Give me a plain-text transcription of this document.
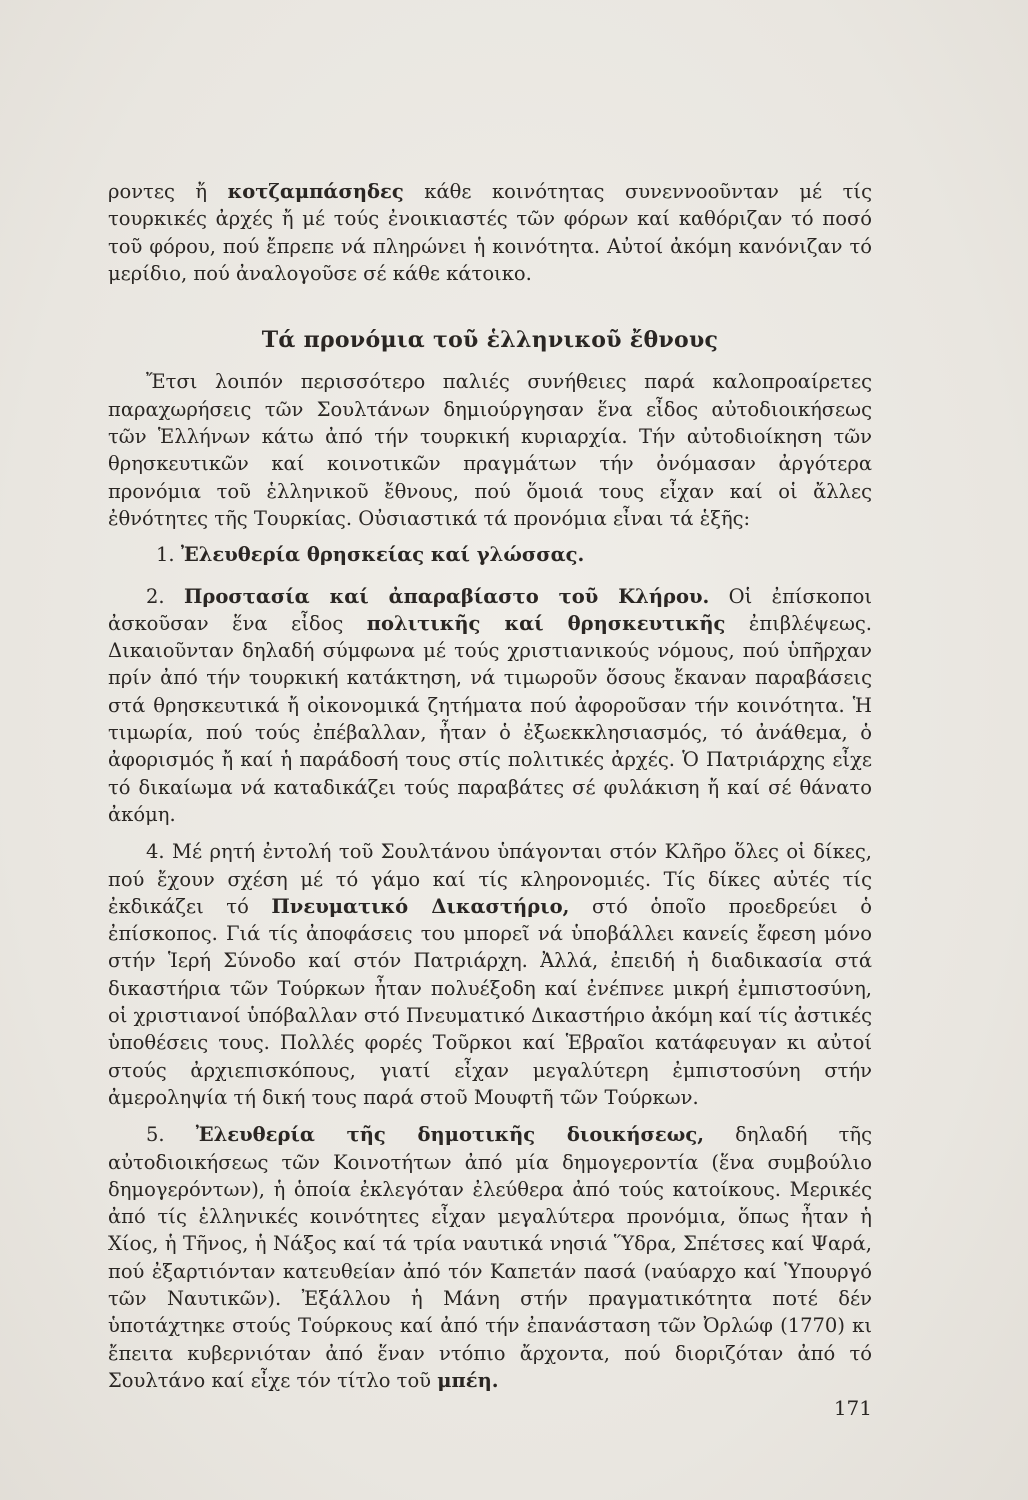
ροντες ἤ κοτζαμπάσηδες κάθε κοινότητας συνεννοοῦνταν μέ τίς τουρκικές ἀρχές ἤ μέ τούς ἐνοικιαστές τῶν φόρων καί καθόριζαν τό ποσό τοῦ φόρου, πού ἔπρεπε νά πληρώνει ἡ κοινότητα. Αὐτοί ἀκόμη κανόνιζαν τό μερίδιο, πού ἀναλογοῦσε σέ κάθε κάτοικο.

Τά προνόμια τοῦ ἑλληνικοῦ ἔθνους

Ἔτσι λοιπόν περισσότερο παλιές συνήθειες παρά καλοπροαίρετες παραχωρήσεις τῶν Σουλτάνων δημιούργησαν ἕνα εἶδος αὐτοδιοικήσεως τῶν Ἑλλήνων κάτω ἀπό τήν τουρκική κυριαρχία. Τήν αὐτοδιοίκηση τῶν θρησκευτικῶν καί κοινοτικῶν πραγμάτων τήν ὀνόμασαν ἀργότερα προνόμια τοῦ ἑλληνικοῦ ἔθνους, πού ὅμοιά τους εἶχαν καί οἱ ἄλλες ἐθνότητες τῆς Τουρκίας. Οὐσιαστικά τά προνόμια εἶναι τά ἑξῆς:

1. Ἐλευθερία θρησκείας καί γλώσσας.

2. Προστασία καί ἀπαραβίαστο τοῦ Κλήρου. Οἱ ἐπίσκοποι ἀσκοῦσαν ἕνα εἶδος πολιτικῆς καί θρησκευτικῆς ἐπιβλέψεως. Δικαιοῦνταν δηλαδή σύμφωνα μέ τούς χριστιανικούς νόμους, πού ὑπῆρχαν πρίν ἀπό τήν τουρκική κατάκτηση, νά τιμωροῦν ὅσους ἔκαναν παραβάσεις στά θρησκευτικά ἤ οἰκονομικά ζητήματα πού ἀφοροῦσαν τήν κοινότητα. Ἡ τιμωρία, πού τούς ἐπέβαλλαν, ἦταν ὁ ἐξωεκκλησιασμός, τό ἀνάθεμα, ὁ ἀφορισμός ἤ καί ἡ παράδοσή τους στίς πολιτικές ἀρχές. Ὁ Πατριάρχης εἶχε τό δικαίωμα νά καταδικάζει τούς παραβάτες σέ φυλάκιση ἤ καί σέ θάνατο ἀκόμη.

4. Μέ ρητή ἐντολή τοῦ Σουλτάνου ὑπάγονται στόν Κλῆρο ὅλες οἱ δίκες, πού ἔχουν σχέση μέ τό γάμο καί τίς κληρονομιές. Τίς δίκες αὐτές τίς ἐκδικάζει τό Πνευματικό Δικαστήριο, στό ὁποῖο προεδρεύει ὁ ἐπίσκοπος. Γιά τίς ἀποφάσεις του μπορεῖ νά ὑποβάλλει κανείς ἔφεση μόνο στήν Ἱερή Σύνοδο καί στόν Πατριάρχη. Ἀλλά, ἐπειδή ἡ διαδικασία στά δικαστήρια τῶν Τούρκων ἦταν πολυέξοδη καί ἐνέπνεε μικρή ἐμπιστοσύνη, οἱ χριστιανοί ὑπόβαλλαν στό Πνευματικό Δικαστήριο ἀκόμη καί τίς ἀστικές ὑποθέσεις τους. Πολλές φορές Τοῦρκοι καί Ἑβραῖοι κατάφευγαν κι αὐτοί στούς ἀρχιεπισκόπους, γιατί εἶχαν μεγαλύτερη ἐμπιστοσύνη στήν ἀμεροληψία τή δική τους παρά στοῦ Μουφτῆ τῶν Τούρκων.

5. Ἐλευθερία τῆς δημοτικῆς διοικήσεως, δηλαδή τῆς αὐτοδιοικήσεως τῶν Κοινοτήτων ἀπό μία δημογεροντία (ἕνα συμβούλιο δημογερόντων), ἡ ὁποία ἐκλεγόταν ἐλεύθερα ἀπό τούς κατοίκους. Μερικές ἀπό τίς ἑλληνικές κοινότητες εἶχαν μεγαλύτερα προνόμια, ὅπως ἦταν ἡ Χίος, ἡ Τῆνος, ἡ Νάξος καί τά τρία ναυτικά νησιά Ὕδρα, Σπέτσες καί Ψαρά, πού ἐξαρτιόνταν κατευθείαν ἀπό τόν Καπετάν πασά (ναύαρχο καί Ὑπουργό τῶν Ναυτικῶν). Ἐξάλλου ἡ Μάνη στήν πραγματικότητα ποτέ δέν ὑποτάχτηκε στούς Τούρκους καί ἀπό τήν ἐπανάσταση τῶν Ὀρλώφ (1770) κι ἔπειτα κυβερνιόταν ἀπό ἕναν ντόπιο ἄρχοντα, πού διοριζόταν ἀπό τό Σουλτάνο καί εἶχε τόν τίτλο τοῦ μπέη.

171
